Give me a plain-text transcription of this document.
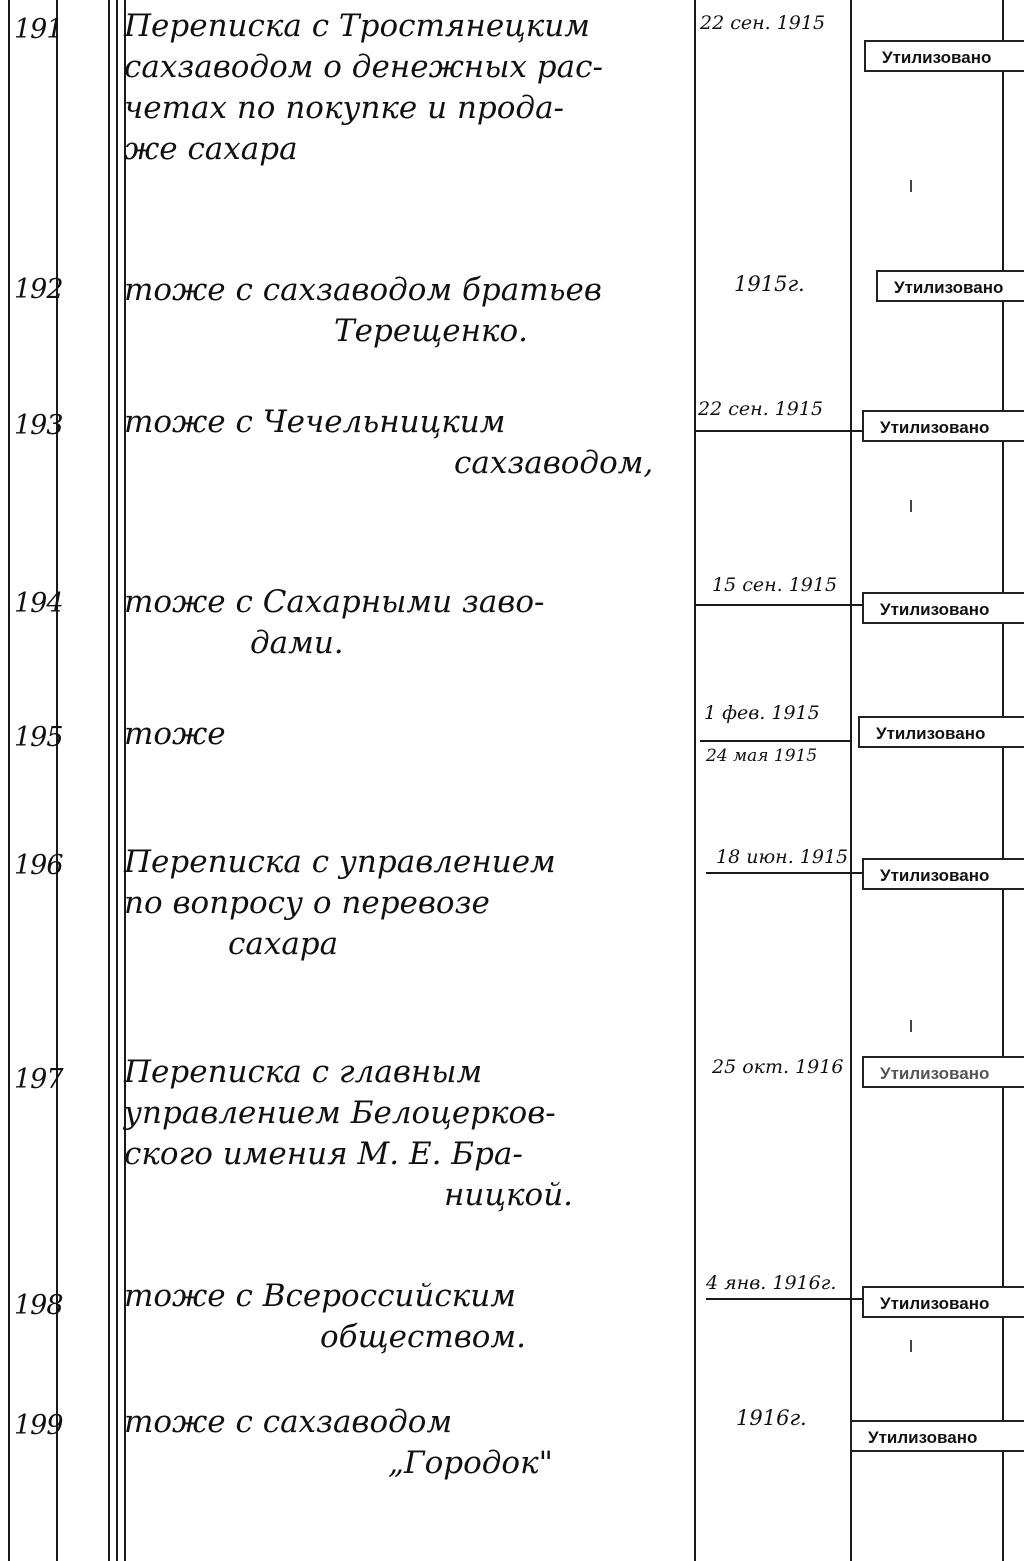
191 Переписка с Тростянецким
сахзаводом о денежных рас-
четах по покупке и прода-
же сахара
22 сен. 1915
Утилизовано
192 тоже с сахзаводом братьев
Терещенко.
1915г.	Утилизовано
193 тоже с Чечельницким
сахзаводом,
22 сен. 1915
Утилизовано
194 тоже с Сахарными заво-
дами.
15 сен. 1915
Утилизовано
195 тоже
1 фев. 1915
24 мая 1915
Утилизовано
196 Переписка с управлением
по вопросу о перевозе
сахара
18 июн. 1915
Утилизовано
197 Переписка с главным
управлением Белоцерков-
ского имения М. Е. Бра-
ницкой.
25 окт. 1916	Утилизовано
198 тоже с Всероссийским
обществом.
4 янв. 1916г.
Утилизовано
199 тоже с сахзаводом
„Городок"
1916г.
Утилизовано
